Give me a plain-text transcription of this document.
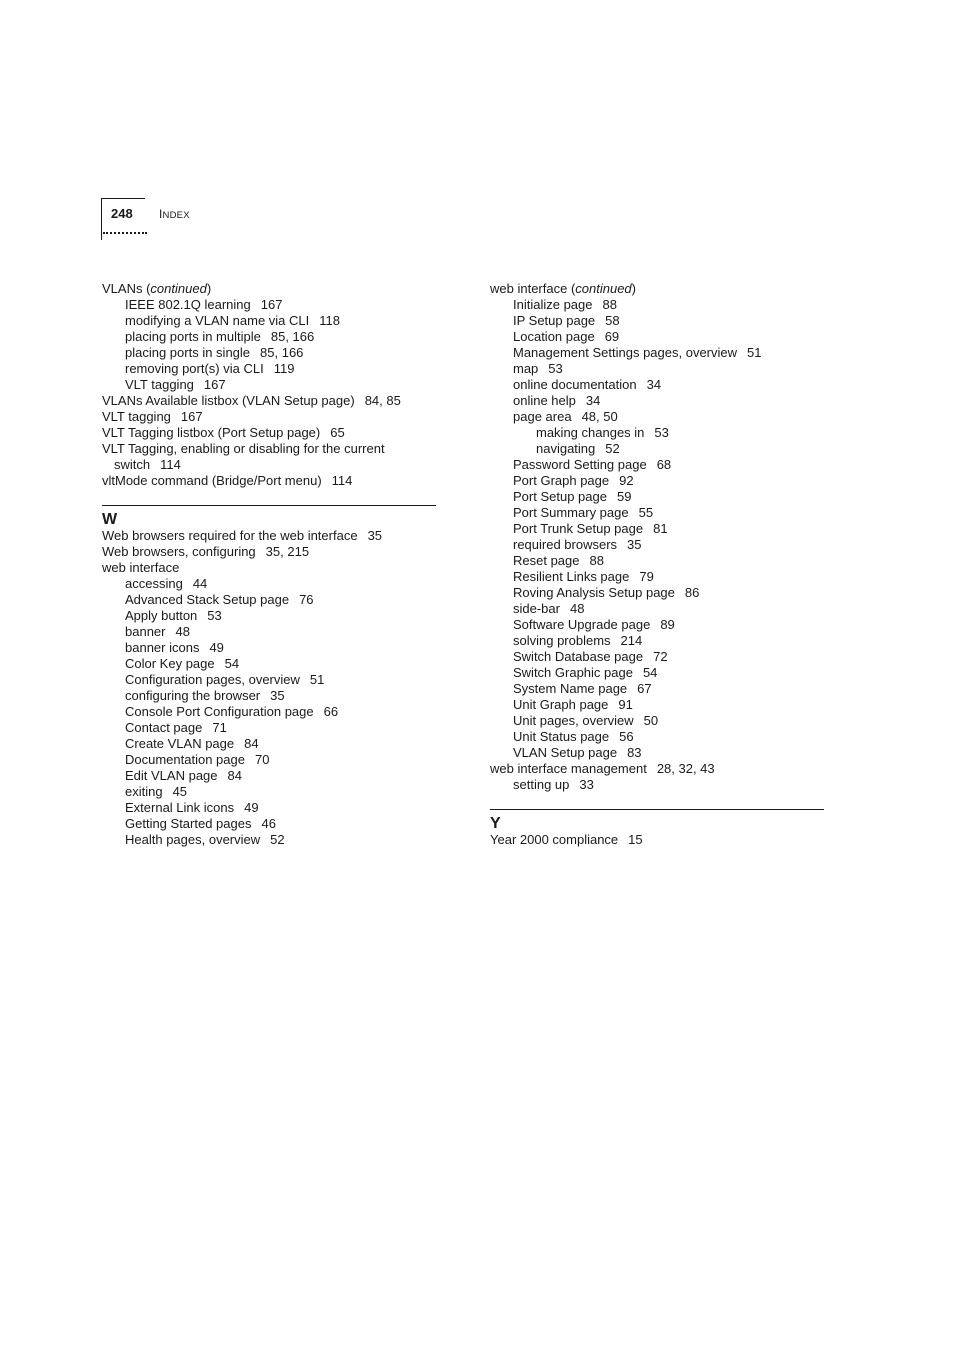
248 INDEX
VLANs (continued)
IEEE 802.1Q learning 167
modifying a VLAN name via CLI 118
placing ports in multiple 85, 166
placing ports in single 85, 166
removing port(s) via CLI 119
VLT tagging 167
VLANs Available listbox (VLAN Setup page) 84, 85
VLT tagging 167
VLT Tagging listbox (Port Setup page) 65
VLT Tagging, enabling or disabling for the current
switch 114
vltMode command (Bridge/Port menu) 114
W
Web browsers required for the web interface 35
Web browsers, configuring 35, 215
web interface
accessing 44
Advanced Stack Setup page 76
Apply button 53
banner 48
banner icons 49
Color Key page 54
Configuration pages, overview 51
configuring the browser 35
Console Port Configuration page 66
Contact page 71
Create VLAN page 84
Documentation page 70
Edit VLAN page 84
exiting 45
External Link icons 49
Getting Started pages 46
Health pages, overview 52
web interface (continued)
Initialize page 88
IP Setup page 58
Location page 69
Management Settings pages, overview 51
map 53
online documentation 34
online help 34
page area 48, 50
making changes in 53
navigating 52
Password Setting page 68
Port Graph page 92
Port Setup page 59
Port Summary page 55
Port Trunk Setup page 81
required browsers 35
Reset page 88
Resilient Links page 79
Roving Analysis Setup page 86
side-bar 48
Software Upgrade page 89
solving problems 214
Switch Database page 72
Switch Graphic page 54
System Name page 67
Unit Graph page 91
Unit pages, overview 50
Unit Status page 56
VLAN Setup page 83
web interface management 28, 32, 43
setting up 33
Y
Year 2000 compliance 15
